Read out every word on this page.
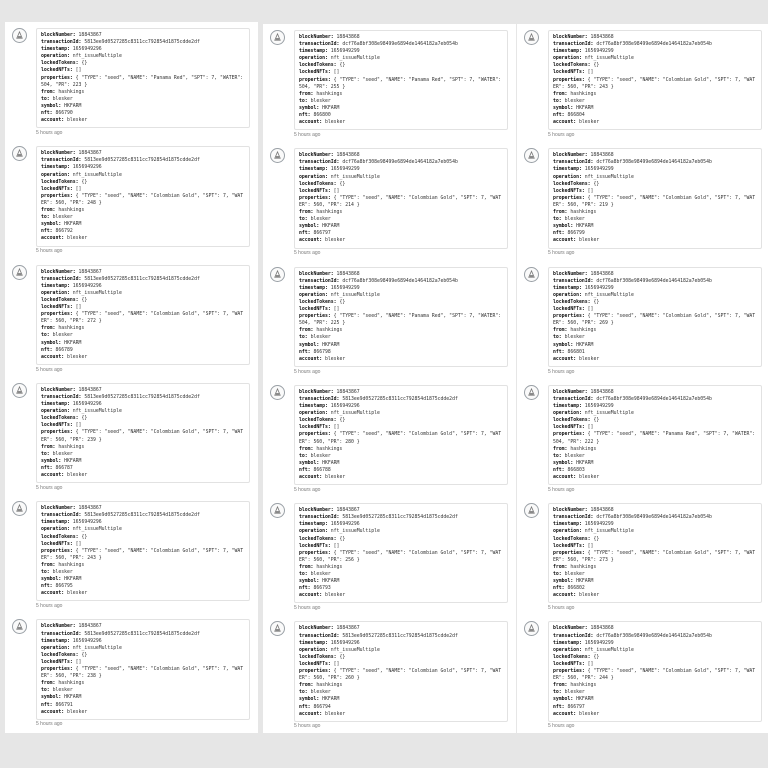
blockNumber: 18843867
transactionId: 5813ee9d0527285c8311cc792854d1875cdde2df
timestamp: 1656949296
operation: nft_issueMultiple
lockedTokens: {}
lockedNFTs: []
properties: { "TYPE": "seed", "NAME": "Panama Red", "SPT": 7, "WATER": 504, "PR": 223 }
from: hashkings
to: blesker
symbol: HKFARM
nft: 866790
account: blesker
5 hours ago
blockNumber: 18843867
transactionId: 5813ee9d0527285c8311cc792854d1875cdde2df
timestamp: 1656949296
operation: nft_issueMultiple
lockedTokens: {}
lockedNFTs: []
properties: { "TYPE": "seed", "NAME": "Colombian Gold", "SPT": 7, "WATER": 560, "PR": 248 }
from: hashkings
to: blesker
symbol: HKFARM
nft: 866792
account: blesker
5 hours ago
blockNumber: 18843867
transactionId: 5813ee9d0527285c8311cc792854d1875cdde2df
timestamp: 1656949296
operation: nft_issueMultiple
lockedTokens: {}
lockedNFTs: []
properties: { "TYPE": "seed", "NAME": "Colombian Gold", "SPT": 7, "WATER": 560, "PR": 272 }
from: hashkings
to: blesker
symbol: HKFARM
nft: 866789
account: blesker
5 hours ago
blockNumber: 18843867
transactionId: 5813ee9d0527285c8311cc792854d1875cdde2df
timestamp: 1656949296
operation: nft_issueMultiple
lockedTokens: {}
lockedNFTs: []
properties: { "TYPE": "seed", "NAME": "Colombian Gold", "SPT": 7, "WATER": 560, "PR": 239 }
from: hashkings
to: blesker
symbol: HKFARM
nft: 866787
account: blesker
5 hours ago
blockNumber: 18843867
transactionId: 5813ee9d0527285c8311cc792854d1875cdde2df
timestamp: 1656949296
operation: nft_issueMultiple
lockedTokens: {}
lockedNFTs: []
properties: { "TYPE": "seed", "NAME": "Colombian Gold", "SPT": 7, "WATER": 560, "PR": 243 }
from: hashkings
to: blesker
symbol: HKFARM
nft: 866795
account: blesker
5 hours ago
blockNumber: 18843867
transactionId: 5813ee9d0527285c8311cc792854d1875cdde2df
timestamp: 1656949296
operation: nft_issueMultiple
lockedTokens: {}
lockedNFTs: []
properties: { "TYPE": "seed", "NAME": "Colombian Gold", "SPT": 7, "WATER": 560, "PR": 238 }
from: hashkings
to: blesker
symbol: HKFARM
nft: 866791
account: blesker
5 hours ago
blockNumber: 18843868
transactionId: dcf76a8bf308e98499e6894de1464182a7eb054b
timestamp: 1656949299
operation: nft_issueMultiple
lockedTokens: {}
lockedNFTs: []
properties: { "TYPE": "seed", "NAME": "Panama Red", "SPT": 7, "WATER": 504, "PR": 255 }
from: hashkings
to: blesker
symbol: HKFARM
nft: 866800
account: blesker
5 hours ago
blockNumber: 18843868
transactionId: dcf76a8bf308e98499e6894de1464182a7eb054b
timestamp: 1656949299
operation: nft_issueMultiple
lockedTokens: {}
lockedNFTs: []
properties: { "TYPE": "seed", "NAME": "Colombian Gold", "SPT": 7, "WATER": 560, "PR": 214 }
from: hashkings
to: blesker
symbol: HKFARM
nft: 866797
account: blesker
5 hours ago
blockNumber: 18843868
transactionId: dcf76a8bf308e98499e6894de1464182a7eb054b
timestamp: 1656949299
operation: nft_issueMultiple
lockedTokens: {}
lockedNFTs: []
properties: { "TYPE": "seed", "NAME": "Panama Red", "SPT": 7, "WATER": 504, "PR": 225 }
from: hashkings
to: blesker
symbol: HKFARM
nft: 866798
account: blesker
5 hours ago
blockNumber: 18843867
transactionId: 5813ee9d0527285c8311cc792854d1875cdde2df
timestamp: 1656949296
operation: nft_issueMultiple
lockedTokens: {}
lockedNFTs: []
properties: { "TYPE": "seed", "NAME": "Colombian Gold", "SPT": 7, "WATER": 560, "PR": 280 }
from: hashkings
to: blesker
symbol: HKFARM
nft: 866788
account: blesker
5 hours ago
blockNumber: 18843867
transactionId: 5813ee9d0527285c8311cc792854d1875cdde2df
timestamp: 1656949296
operation: nft_issueMultiple
lockedTokens: {}
lockedNFTs: []
properties: { "TYPE": "seed", "NAME": "Colombian Gold", "SPT": 7, "WATER": 560, "PR": 256 }
from: hashkings
to: blesker
symbol: HKFARM
nft: 866793
account: blesker
5 hours ago
blockNumber: 18843867
transactionId: 5813ee9d0527285c8311cc792854d1875cdde2df
timestamp: 1656949296
operation: nft_issueMultiple
lockedTokens: {}
lockedNFTs: []
properties: { "TYPE": "seed", "NAME": "Colombian Gold", "SPT": 7, "WATER": 560, "PR": 260 }
from: hashkings
to: blesker
symbol: HKFARM
nft: 866794
account: blesker
5 hours ago
blockNumber: 18843868
transactionId: dcf76a8bf308e98499e6894de1464182a7eb054b
timestamp: 1656949299
operation: nft_issueMultiple
lockedTokens: {}
lockedNFTs: []
properties: { "TYPE": "seed", "NAME": "Colombian Gold", "SPT": 7, "WATER": 560, "PR": 243 }
from: hashkings
to: blesker
symbol: HKFARM
nft: 866804
account: blesker
5 hours ago
blockNumber: 18843868
transactionId: dcf76a8bf308e98499e6894de1464182a7eb054b
timestamp: 1656949299
operation: nft_issueMultiple
lockedTokens: {}
lockedNFTs: []
properties: { "TYPE": "seed", "NAME": "Colombian Gold", "SPT": 7, "WATER": 560, "PR": 219 }
from: hashkings
to: blesker
symbol: HKFARM
nft: 866799
account: blesker
5 hours ago
blockNumber: 18843868
transactionId: dcf76a8bf308e98499e6894de1464182a7eb054b
timestamp: 1656949299
operation: nft_issueMultiple
lockedTokens: {}
lockedNFTs: []
properties: { "TYPE": "seed", "NAME": "Colombian Gold", "SPT": 7, "WATER": 560, "PR": 269 }
from: hashkings
to: blesker
symbol: HKFARM
nft: 866801
account: blesker
5 hours ago
blockNumber: 18843868
transactionId: dcf76a8bf308e98499e6894de1464182a7eb054b
timestamp: 1656949299
operation: nft_issueMultiple
lockedTokens: {}
lockedNFTs: []
properties: { "TYPE": "seed", "NAME": "Panama Red", "SPT": 7, "WATER": 504, "PR": 222 }
from: hashkings
to: blesker
symbol: HKFARM
nft: 866803
account: blesker
5 hours ago
blockNumber: 18843868
transactionId: dcf76a8bf308e98499e6894de1464182a7eb054b
timestamp: 1656949299
operation: nft_issueMultiple
lockedTokens: {}
lockedNFTs: []
properties: { "TYPE": "seed", "NAME": "Colombian Gold", "SPT": 7, "WATER": 560, "PR": 273 }
from: hashkings
to: blesker
symbol: HKFARM
nft: 866802
account: blesker
5 hours ago
blockNumber: 18843868
transactionId: dcf76a8bf308e98499e6894de1464182a7eb054b
timestamp: 1656949299
operation: nft_issueMultiple
lockedTokens: {}
lockedNFTs: []
properties: { "TYPE": "seed", "NAME": "Colombian Gold", "SPT": 7, "WATER": 560, "PR": 244 }
from: hashkings
to: blesker
symbol: HKFARM
nft: 866797
account: blesker
5 hours ago
